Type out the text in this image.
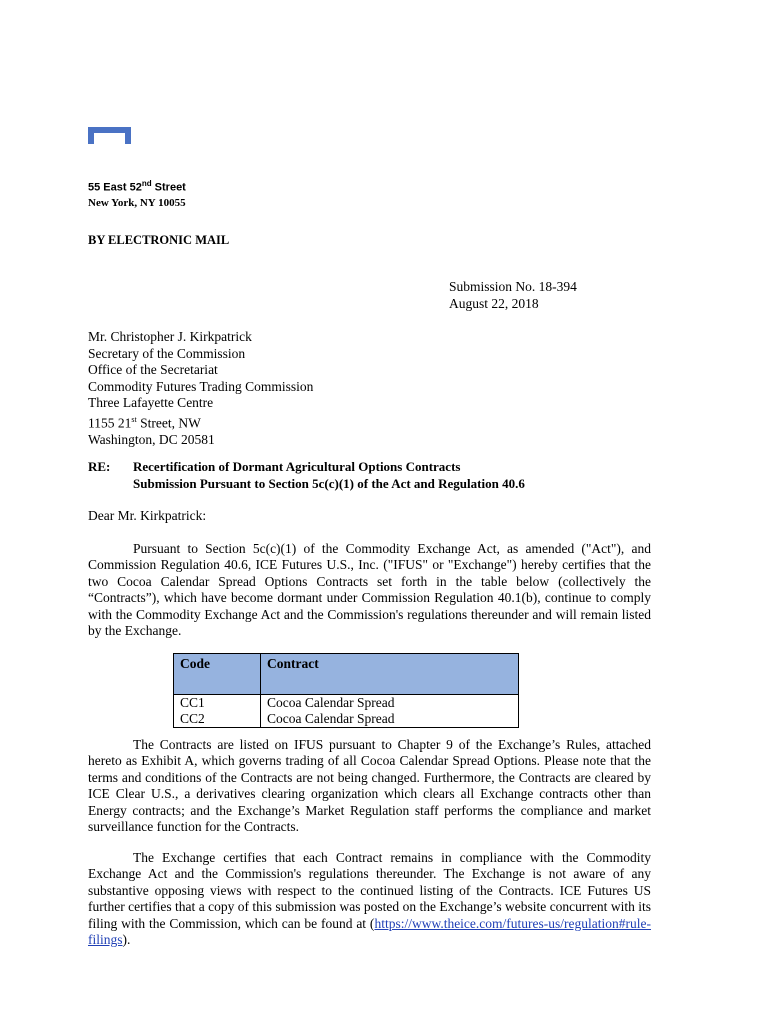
55 East 52nd Street
New York, NY 10055
BY ELECTRONIC MAIL
Submission No. 18-394
August 22, 2018
Mr. Christopher J. Kirkpatrick
Secretary of the Commission
Office of the Secretariat
Commodity Futures Trading Commission
Three Lafayette Centre
1155 21st Street, NW
Washington, DC 20581
RE: Recertification of Dormant Agricultural Options Contracts
Submission Pursuant to Section 5c(c)(1) of the Act and Regulation 40.6
Dear Mr. Kirkpatrick:
Pursuant to Section 5c(c)(1) of the Commodity Exchange Act, as amended ("Act"), and Commission Regulation 40.6, ICE Futures U.S., Inc. ("IFUS" or "Exchange") hereby certifies that the two Cocoa Calendar Spread Options Contracts set forth in the table below (collectively the “Contracts”), which have become dormant under Commission Regulation 40.1(b), continue to comply with the Commodity Exchange Act and the Commission's regulations thereunder and will remain listed by the Exchange.
Code	Contract
CC1	Cocoa Calendar Spread
CC2	Cocoa Calendar Spread
The Contracts are listed on IFUS pursuant to Chapter 9 of the Exchange’s Rules, attached hereto as Exhibit A, which governs trading of all Cocoa Calendar Spread Options. Please note that the terms and conditions of the Contracts are not being changed. Furthermore, the Contracts are cleared by ICE Clear U.S., a derivatives clearing organization which clears all Exchange contracts other than Energy contracts; and the Exchange’s Market Regulation staff performs the compliance and market surveillance function for the Contracts.
The Exchange certifies that each Contract remains in compliance with the Commodity Exchange Act and the Commission's regulations thereunder. The Exchange is not aware of any substantive opposing views with respect to the continued listing of the Contracts. ICE Futures US further certifies that a copy of this submission was posted on the Exchange’s website concurrent with its filing with the Commission, which can be found at (https://www.theice.com/futures-us/regulation#rule-filings).
